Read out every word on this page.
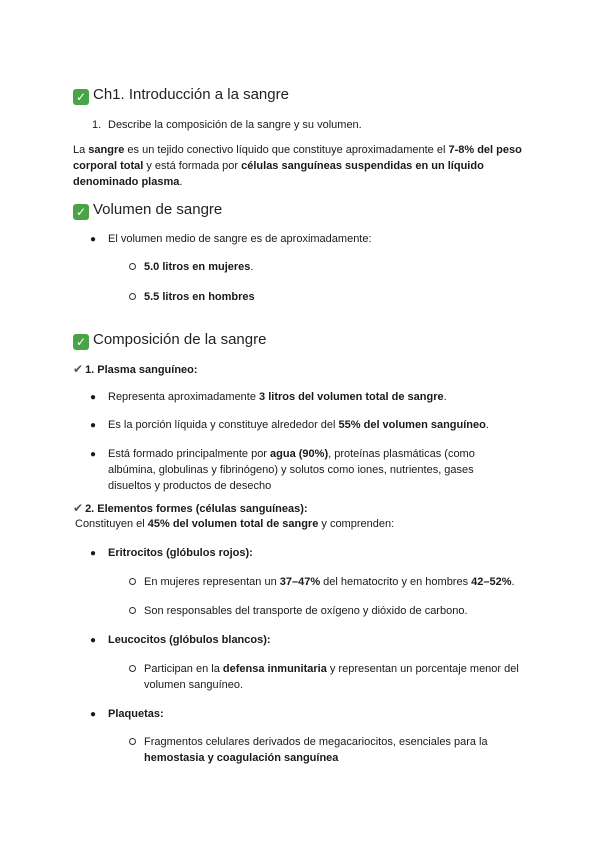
✓ Ch1. Introducción a la sangre
1. Describe la composición de la sangre y su volumen.

La sangre es un tejido conectivo líquido que constituye aproximadamente el 7-8% del peso corporal total y está formada por células sanguíneas suspendidas en un líquido denominado plasma.

✓ Volumen de sangre
● El volumen medio de sangre es de aproximadamente:
5.0 litros en mujeres.
5.5 litros en hombres
✓ Composición de la sangre
✔ 1. Plasma sanguíneo:
● Representa aproximadamente 3 litros del volumen total de sangre.
● Es la porción líquida y constituye alrededor del 55% del volumen sanguíneo.
● Está formado principalmente por agua (90%), proteínas plasmáticas (como albúmina, globulinas y fibrinógeno) y solutos como iones, nutrientes, gases disueltos y productos de desecho

✔ 2. Elementos formes (células sanguíneas):
Constituyen el 45% del volumen total de sangre y comprenden:
● Eritrocitos (glóbulos rojos):
En mujeres representan un 37–47% del hematocrito y en hombres 42–52%.
Son responsables del transporte de oxígeno y dióxido de carbono.
● Leucocitos (glóbulos blancos):

Participan en la defensa inmunitaria y representan un porcentaje menor del volumen sanguíneo.

● Plaquetas:

Fragmentos celulares derivados de megacariocitos, esenciales para la hemostasia y coagulación sanguínea
